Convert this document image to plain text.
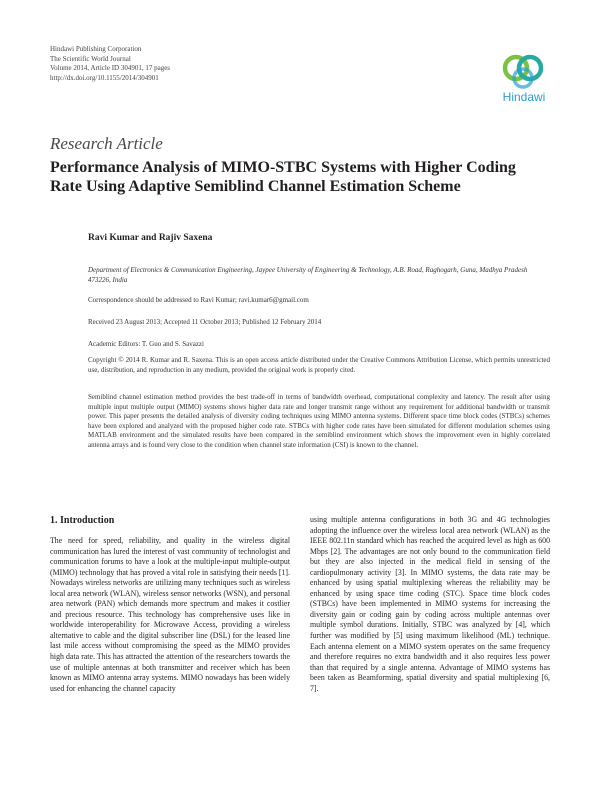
Hindawi Publishing Corporation
The Scientific World Journal
Volume 2014, Article ID 304901, 17 pages
http://dx.doi.org/10.1155/2014/304901
Hindawi
Research Article
Performance Analysis of MIMO-STBC Systems with Higher Coding Rate Using Adaptive Semiblind Channel Estimation Scheme
Ravi Kumar and Rajiv Saxena
Department of Electronics & Communication Engineering, Jaypee University of Engineering & Technology, A.B. Road, Raghogarh, Guna, Madhya Pradesh 473226, India
Correspondence should be addressed to Ravi Kumar; ravi.kumar6@gmail.com
Received 23 August 2013; Accepted 11 October 2013; Published 12 February 2014
Academic Editors: T. Guo and S. Savazzi
Copyright © 2014 R. Kumar and R. Saxena. This is an open access article distributed under the Creative Commons Attribution License, which permits unrestricted use, distribution, and reproduction in any medium, provided the original work is properly cited.
Semiblind channel estimation method provides the best trade-off in terms of bandwidth overhead, computational complexity and latency. The result after using multiple input multiple output (MIMO) systems shows higher data rate and longer transmit range without any requirement for additional bandwidth or transmit power. This paper presents the detailed analysis of diversity coding techniques using MIMO antenna systems. Different space time block codes (STBCs) schemes have been explored and analyzed with the proposed higher code rate. STBCs with higher code rates have been simulated for different modulation schemes using MATLAB environment and the simulated results have been compared in the semiblind environment which shows the improvement even in highly correlated antenna arrays and is found very close to the condition when channel state information (CSI) is known to the channel.
1. Introduction
The need for speed, reliability, and quality in the wireless digital communication has lured the interest of vast community of technologist and communication forums to have a look at the multiple-input multiple-output (MIMO) technology that has proved a vital role in satisfying their needs [1]. Nowadays wireless networks are utilizing many techniques such as wireless local area network (WLAN), wireless sensor networks (WSN), and personal area network (PAN) which demands more spectrum and makes it costlier and precious resource. This technology has comprehensive uses like in worldwide interoperability for Microwave Access, providing a wireless alternative to cable and the digital subscriber line (DSL) for the leased line last mile access without compromising the speed as the MIMO provides high data rate. This has attracted the attention of the researchers towards the use of multiple antennas at both transmitter and receiver which has been known as MIMO antenna array systems. MIMO nowadays has been widely used for enhancing the channel capacity
using multiple antenna configurations in both 3G and 4G technologies adopting the influence over the wireless local area network (WLAN) as the IEEE 802.11n standard which has reached the acquired level as high as 600 Mbps [2]. The advantages are not only bound to the communication field but they are also injected in the medical field in sensing of the cardiopulmonary activity [3]. In MIMO systems, the data rate may be enhanced by using spatial multiplexing whereas the reliability may be enhanced by using space time coding (STC). Space time block codes (STBCs) have been implemented in MIMO systems for increasing the diversity gain or coding gain by coding across multiple antennas over multiple symbol durations. Initially, STBC was analyzed by [4], which further was modified by [5] using maximum likelihood (ML) technique. Each antenna element on a MIMO system operates on the same frequency and therefore requires no extra bandwidth and it also requires less power than that required by a single antenna. Advantage of MIMO systems has been taken as Beamforming, spatial diversity and spatial multiplexing [6, 7].
